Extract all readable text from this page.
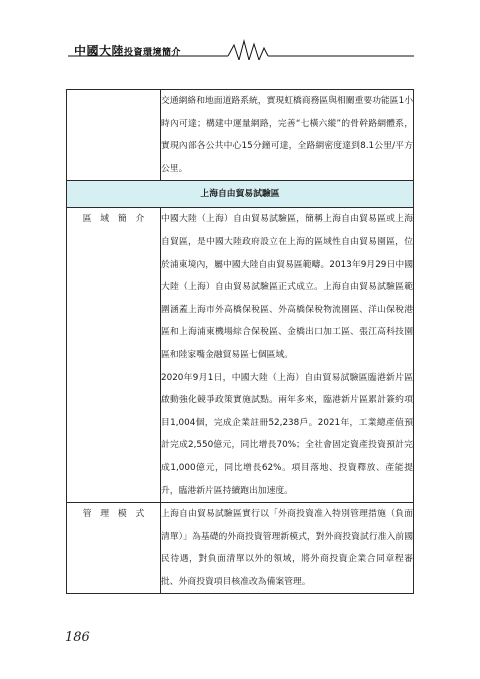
中國大陸投資環境簡介

	交通網絡和地面道路系統，實現虹橋商務區與相關重要功能區1小時內可達；構建中運量網路，完善“七橫六縱”的骨幹路網體系，實現內部各公共中心15分鐘可達，全路網密度達到8.1公里/平方公里。

上海自由貿易試驗區	
區　域　簡　介	中國大陸（上海）自由貿易試驗區，簡稱上海自由貿易區或上海自貿區，是中國大陸政府設立在上海的區域性自由貿易園區，位於浦東境內，屬中國大陸自由貿易區範疇。2013年9月29日中國大陸（上海）自由貿易試驗區正式成立。上海自由貿易試驗區範圍涵蓋上海市外高橋保稅區、外高橋保稅物流園區、洋山保稅港區和上海浦東機場綜合保稅區、金橋出口加工區、張江高科技園區和陸家嘴金融貿易區七個區域。

2020年9月1日，中國大陸（上海）自由貿易試驗區臨港新片區啟動強化競爭政策實施試點。兩年多來，臨港新片區累計簽約項目1,004個，完成企業註冊52,238戶。2021年，工業總產值預計完成2,550億元，同比增長70%；全社會固定資產投資預計完成1,000億元，同比增長62%。項目落地、投資釋放、產能提升，臨港新片區持續跑出加速度。

管　理　模　式	上海自由貿易試驗區實行以「外商投資准入特別管理措施（負面清單）」為基礎的外商投資管理新模式，對外商投資試行准入前國民待遇，對負面清單以外的領域，將外商投資企業合同章程審批、外商投資項目核准改為備案管理。

186
